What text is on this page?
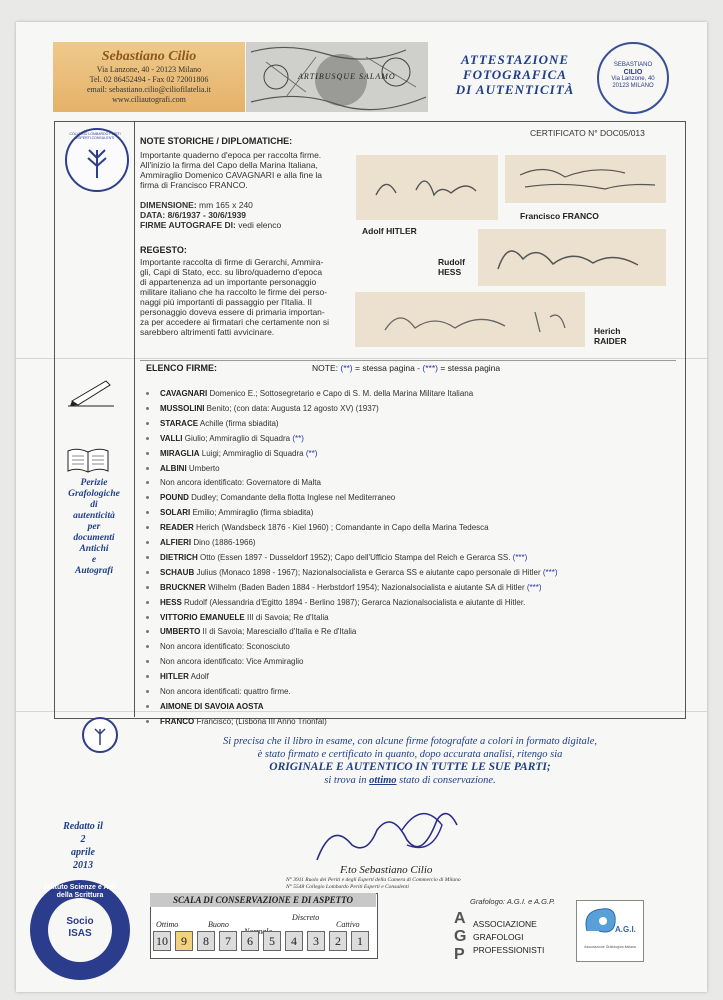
Sebastiano Cilio
Via Lanzone, 40 - 20123 Milano
Tel. 02 86452494 - Fax 02 72001806
email: sebastiano.cilio@ciliofilatelia.it
www.ciliautografi.com
ARTIBUSQUE SALAMO
ATTESTAZIONE
FOTOGRAFICA
DI AUTENTICITÀ
SEBASTIANO
CILIO
Via Lanzone, 40
20123 MILANO
COLLEGIO LOMBARDO PERITI ESPERTI CONSULENTI	NOTE STORICHE / DIPLOMATICHE:
Importante quaderno d'epoca per raccolta firme.
All'inizio la firma del Capo della Marina Italiana,
Ammiraglio Domenico CAVAGNARI e alla fine la
firma di Francisco FRANCO.
DIMENSIONE: mm 165 x 240
DATA: 8/6/1937 - 30/6/1939
FIRME AUTOGRAFE DI: vedi elenco
REGESTO:
Importante raccolta di firme di Gerarchi, Ammira-
gli, Capi di Stato, ecc. su libro/quaderno d'epoca
di appartenenza ad un importante personaggio
militare italiano che ha raccolto le firme dei perso-
naggi più importanti di passaggio per l'Italia. Il
personaggio doveva essere di primaria importan-
za per accedere ai firmatari che certamente non si
sarebbero altrimenti fatti avvicinare.
CERTIFICATO N° DOC05/013
Adolf HITLER
Francisco FRANCO
Rudolf
HESS
Herich
RAIDER
ELENCO FIRME:	NOTE: (**) = stessa pagina - (***) = stessa pagina
CAVAGNARI Domenico E.; Sottosegretario e Capo di S. M. della Marina Militare Italiana
MUSSOLINI Benito; (con data: Augusta 12 agosto XV) (1937)
STARACE Achille (firma sbiadita)
VALLI Giulio; Ammiraglio di Squadra (**)
MIRAGLIA Luigi; Ammiraglio di Squadra (**)
ALBINI Umberto
Non ancora identificato: Governatore di Malta
POUND Dudley; Comandante della flotta Inglese nel Mediterraneo
SOLARI Emilio; Ammiraglio (firma sbiadita)
READER Herich (Wandsbeck 1876 - Kiel 1960) ; Comandante in Capo della Marina Tedesca
ALFIERI Dino (1886-1966)
DIETRICH Otto (Essen 1897 - Dusseldorf 1952); Capo dell'Ufficio Stampa del Reich e Gerarca SS. (***)
SCHAUB Julius (Monaco 1898 - 1967); Nazionalsocialista e Gerarca SS e aiutante capo personale di Hitler (***)
BRUCKNER Wilhelm (Baden Baden 1884 - Herbstdorf 1954); Nazionalsocialista e aiutante SA di Hitler (***)
HESS Rudolf (Alessandria d'Egitto 1894 - Berlino 1987); Gerarca Nazionalsocialista e aiutante di Hitler.
VITTORIO EMANUELE III di Savoia; Re d'Italia
UMBERTO II di Savoia; Maresciallo d'Italia e Re d'Italia
Non ancora identificato: Sconosciuto
Non ancora identificato: Vice Ammiraglio
HITLER Adolf
Non ancora identificati: quattro firme.
AIMONE DI SAVOIA AOSTA
FRANCO Francisco; (Lisbona III Anno Trionfal)
Perizie
Grafologiche
di
autenticità
per
documenti
Antichi
e
Autografi
Si precisa che il libro in esame, con alcune firme fotografate a colori in formato digitale,
è stato firmato e certificato in quanto, dopo accurata analisi, ritengo sia
ORIGINALE E AUTENTICO IN TUTTE LE SUE PARTI;
si trova in ottimo stato di conservazione.
Redatto il
2
aprile
2013
Istituto Scienze e Arti della Scrittura
Socio
ISAS
F.to Sebastiano Cilio
N° 3911 Ruolo dei Periti e degli Esperti della Camera di Commercio di Milano
N° 5548 Collegio Lombardo Periti Esperti e Consulenti
SCALA DI CONSERVAZIONE E DI ASPETTO
Ottimo	Buono
Discreto
Cattivo
10	9	8	7	6	5	4	3	2	1
Grafologo: A.G.I. e A.G.P.
A
G
P
ASSOCIAZIONE
GRAFOLOGI
PROFESSIONISTI
A.G.I.
Associazione Grafologica Italiana
